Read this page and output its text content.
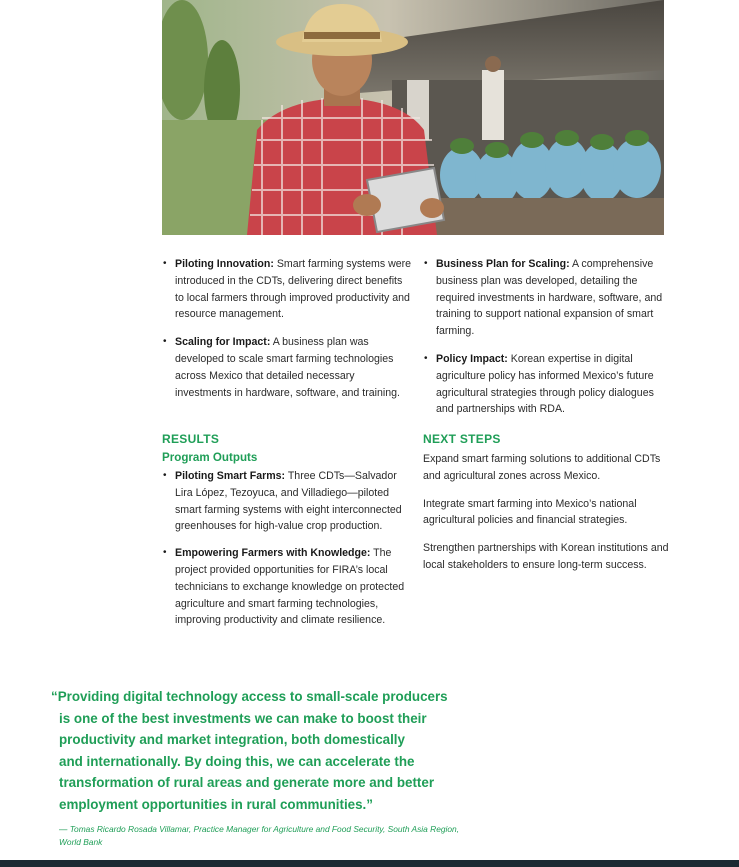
• Piloting Innovation: Smart farming systems were introduced in the CDTs, delivering direct benefits to local farmers through improved productivity and resource management.
• Scaling for Impact: A business plan was developed to scale smart farming technologies across Mexico that detailed necessary investments in hardware, software, and training.
• Business Plan for Scaling: A comprehensive business plan was developed, detailing the required investments in hardware, software, and training to support national expansion of smart farming.
• Policy Impact: Korean expertise in digital agriculture policy has informed Mexico’s future agricultural strategies through policy dialogues and partnerships with RDA.
RESULTS
Program Outputs
• Piloting Smart Farms: Three CDTs—Salvador Lira López, Tezoyuca, and Villadiego—piloted smart farming systems with eight interconnected greenhouses for high-value crop production.
• Empowering Farmers with Knowledge: The project provided opportunities for FIRA’s local technicians to exchange knowledge on protected agriculture and smart farming technologies, improving productivity and climate resilience.
NEXT STEPS

Expand smart farming solutions to additional CDTs and agricultural zones across Mexico.

Integrate smart farming into Mexico’s national agricultural policies and financial strategies.

Strengthen partnerships with Korean institutions and local stakeholders to ensure long-term success.

“Providing digital technology access to small-scale producers
is one of the best investments we can make to boost their
productivity and market integration, both domestically
and internationally. By doing this, we can accelerate the
transformation of rural areas and generate more and better
employment opportunities in rural communities.”
— Tomas Ricardo Rosada Villamar, Practice Manager for Agriculture and Food Security, South Asia Region, World Bank
